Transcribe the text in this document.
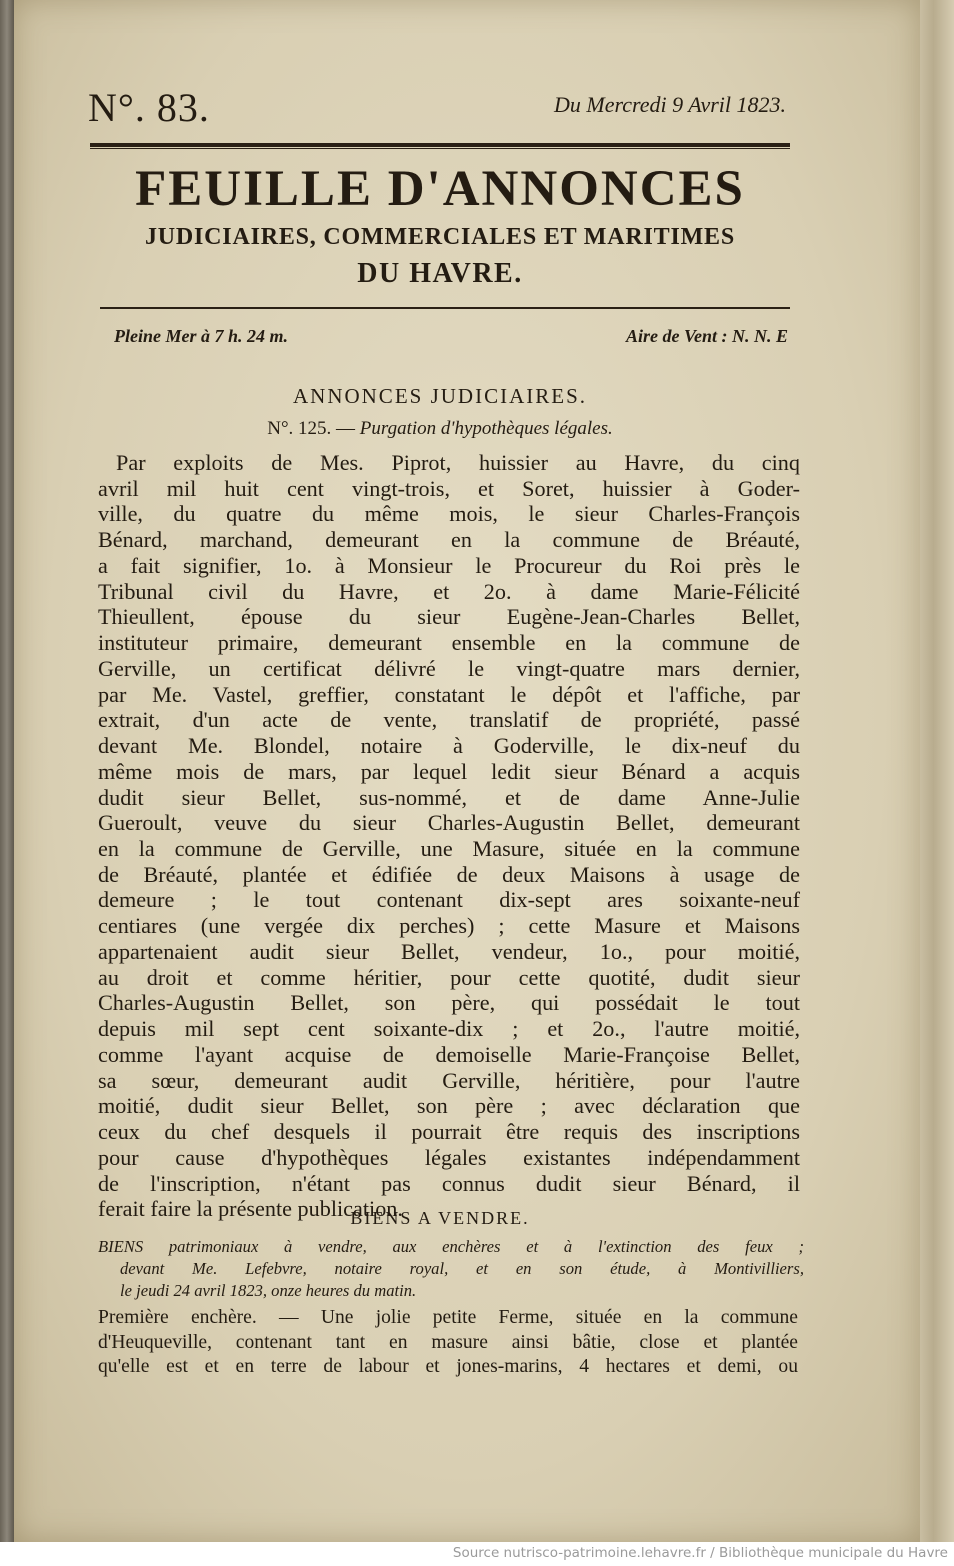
N°. 83.	Du Mercredi 9 Avril 1823.
FEUILLE D'ANNONCES
JUDICIAIRES, COMMERCIALES ET MARITIMES
DU HAVRE.
Pleine Mer à 7 h. 24 m.	Aire de Vent : N. N. E
ANNONCES JUDICIAIRES.
N°. 125. — Purgation d'hypothèques légales.
Par exploits de Mes. Piprot, huissier au Havre, du cinq
avril mil huit cent vingt-trois, et Soret, huissier à Goder-
ville, du quatre du même mois, le sieur Charles-François
Bénard, marchand, demeurant en la commune de Bréauté,
a fait signifier, 1o. à Monsieur le Procureur du Roi près le
Tribunal civil du Havre, et 2o. à dame Marie-Félicité
Thieullent, épouse du sieur Eugène-Jean-Charles Bellet,
instituteur primaire, demeurant ensemble en la commune de
Gerville, un certificat délivré le vingt-quatre mars dernier,
par Me. Vastel, greffier, constatant le dépôt et l'affiche, par
extrait, d'un acte de vente, translatif de propriété, passé
devant Me. Blondel, notaire à Goderville, le dix-neuf du
même mois de mars, par lequel ledit sieur Bénard a acquis
dudit sieur Bellet, sus-nommé, et de dame Anne-Julie
Gueroult, veuve du sieur Charles-Augustin Bellet, demeurant
en la commune de Gerville, une Masure, située en la commune
de Bréauté, plantée et édifiée de deux Maisons à usage de
demeure ; le tout contenant dix-sept ares soixante-neuf
centiares (une vergée dix perches) ; cette Masure et Maisons
appartenaient audit sieur Bellet, vendeur, 1o., pour moitié,
au droit et comme héritier, pour cette quotité, dudit sieur
Charles-Augustin Bellet, son père, qui possédait le tout
depuis mil sept cent soixante-dix ; et 2o., l'autre moitié,
comme l'ayant acquise de demoiselle Marie-Françoise Bellet,
sa sœur, demeurant audit Gerville, héritière, pour l'autre
moitié, dudit sieur Bellet, son père ; avec déclaration que
ceux du chef desquels il pourrait être requis des inscriptions
pour cause d'hypothèques légales existantes indépendamment
de l'inscription, n'étant pas connus dudit sieur Bénard, il
ferait faire la présente publication.
BIENS A VENDRE.
BIENS patrimoniaux à vendre, aux enchères et à l'extinction des feux ;
devant Me. Lefebvre, notaire royal, et en son étude, à Montivilliers,
le jeudi 24 avril 1823, onze heures du matin.
Première enchère. — Une jolie petite Ferme, située en la commune
d'Heuqueville, contenant tant en masure ainsi bâtie, close et plantée
qu'elle est et en terre de labour et jones-marins, 4 hectares et demi, ou
Source nutrisco-patrimoine.lehavre.fr / Bibliothèque municipale du Havre
